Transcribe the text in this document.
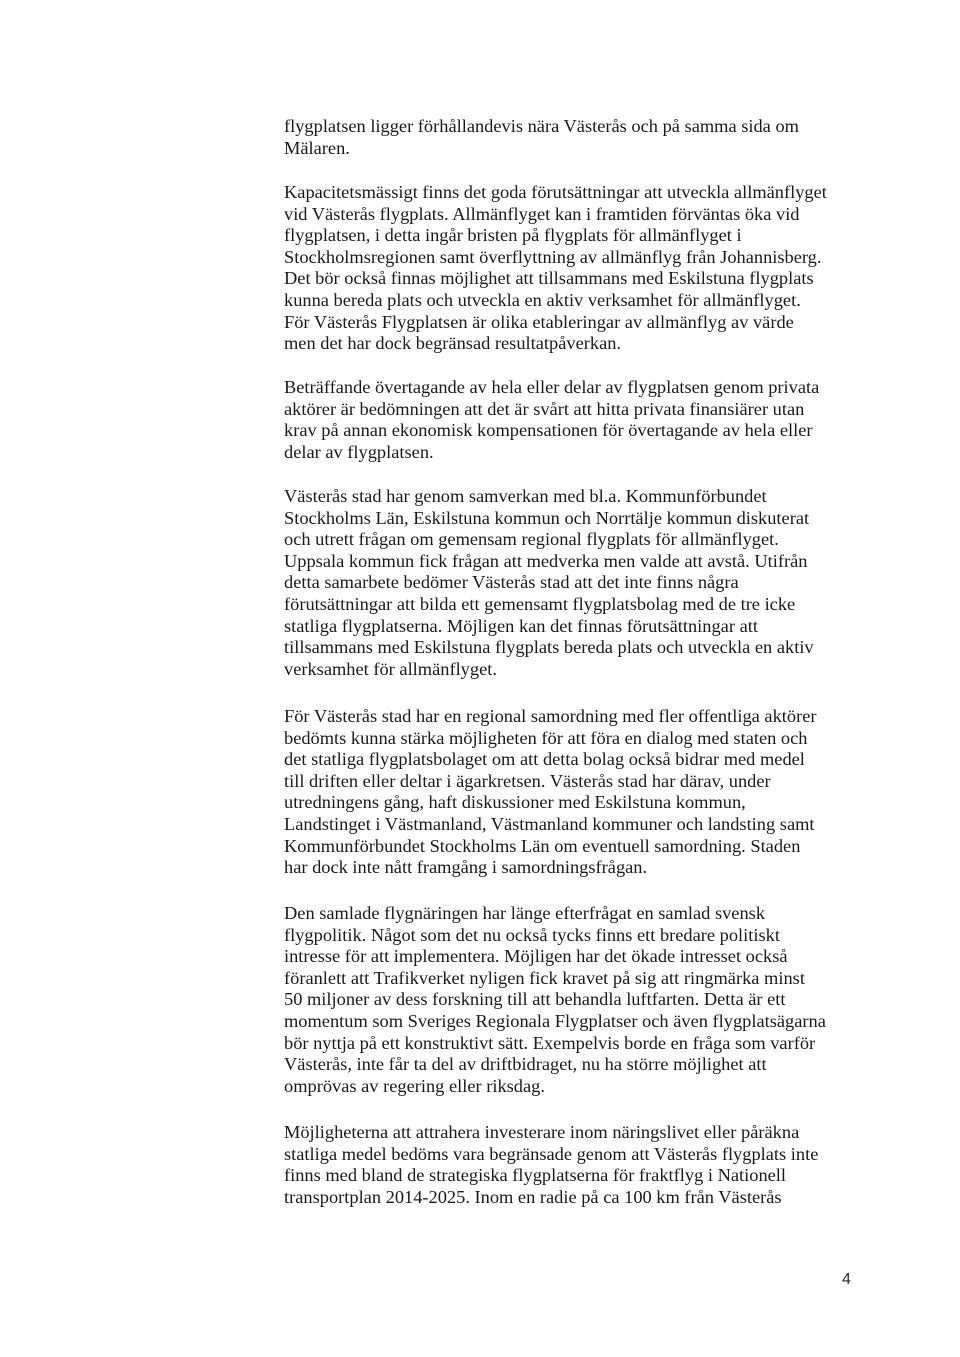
flygplatsen ligger förhållandevis nära Västerås och på samma sida om
Mälaren.

Kapacitetsmässigt finns det goda förutsättningar att utveckla allmänflyget
vid Västerås flygplats. Allmänflyget kan i framtiden förväntas öka vid
flygplatsen, i detta ingår bristen på flygplats för allmänflyget i
Stockholmsregionen samt överflyttning av allmänflyg från Johannisberg.
Det bör också finnas möjlighet att tillsammans med Eskilstuna flygplats
kunna bereda plats och utveckla en aktiv verksamhet för allmänflyget.
För Västerås Flygplatsen är olika etableringar av allmänflyg av värde
men det har dock begränsad resultatpåverkan.

Beträffande övertagande av hela eller delar av flygplatsen genom privata
aktörer är bedömningen att det är svårt att hitta privata finansiärer utan
krav på annan ekonomisk kompensationen för övertagande av hela eller
delar av flygplatsen.

Västerås stad har genom samverkan med bl.a. Kommunförbundet
Stockholms Län, Eskilstuna kommun och Norrtälje kommun diskuterat
och utrett frågan om gemensam regional flygplats för allmänflyget.
Uppsala kommun fick frågan att medverka men valde att avstå. Utifrån
detta samarbete bedömer Västerås stad att det inte finns några
förutsättningar att bilda ett gemensamt flygplatsbolag med de tre icke
statliga flygplatserna. Möjligen kan det finnas förutsättningar att
tillsammans med Eskilstuna flygplats bereda plats och utveckla en aktiv
verksamhet för allmänflyget.

För Västerås stad har en regional samordning med fler offentliga aktörer
bedömts kunna stärka möjligheten för att föra en dialog med staten och
det statliga flygplatsbolaget om att detta bolag också bidrar med medel
till driften eller deltar i ägarkretsen. Västerås stad har därav, under
utredningens gång, haft diskussioner med Eskilstuna kommun,
Landstinget i Västmanland, Västmanland kommuner och landsting samt
Kommunförbundet Stockholms Län om eventuell samordning. Staden
har dock inte nått framgång i samordningsfrågan.

Den samlade flygnäringen har länge efterfrågat en samlad svensk
flygpolitik. Något som det nu också tycks finns ett bredare politiskt
intresse för att implementera. Möjligen har det ökade intresset också
föranlett att Trafikverket nyligen fick kravet på sig att ringmärka minst
50 miljoner av dess forskning till att behandla luftfarten. Detta är ett
momentum som Sveriges Regionala Flygplatser och även flygplatsägarna
bör nyttja på ett konstruktivt sätt. Exempelvis borde en fråga som varför
Västerås, inte får ta del av driftbidraget, nu ha större möjlighet att
omprövas av regering eller riksdag.

Möjligheterna att attrahera investerare inom näringslivet eller påräkna
statliga medel bedöms vara begränsade genom att Västerås flygplats inte
finns med bland de strategiska flygplatserna för fraktflyg i Nationell
transportplan 2014-2025. Inom en radie på ca 100 km från Västerås

4
